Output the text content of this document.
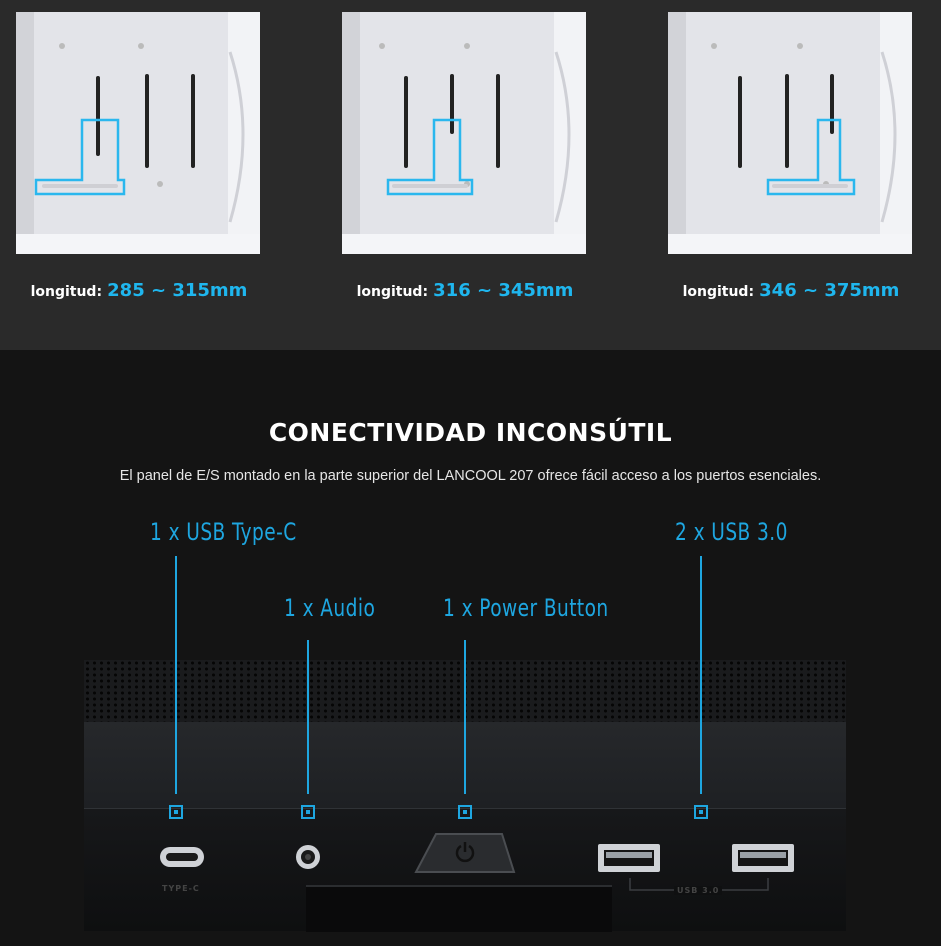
longitud: 285 ~ 315mm	longitud: 316 ~ 345mm	longitud: 346 ~ 375mm
CONECTIVIDAD INCONSÚTIL
El panel de E/S montado en la parte superior del LANCOOL 207 ofrece fácil acceso a los puertos esenciales.
1 x USB Type-C
1 x Audio	1 x Power Button
2 x USB 3.0
TYPE-C	USB 3.0
